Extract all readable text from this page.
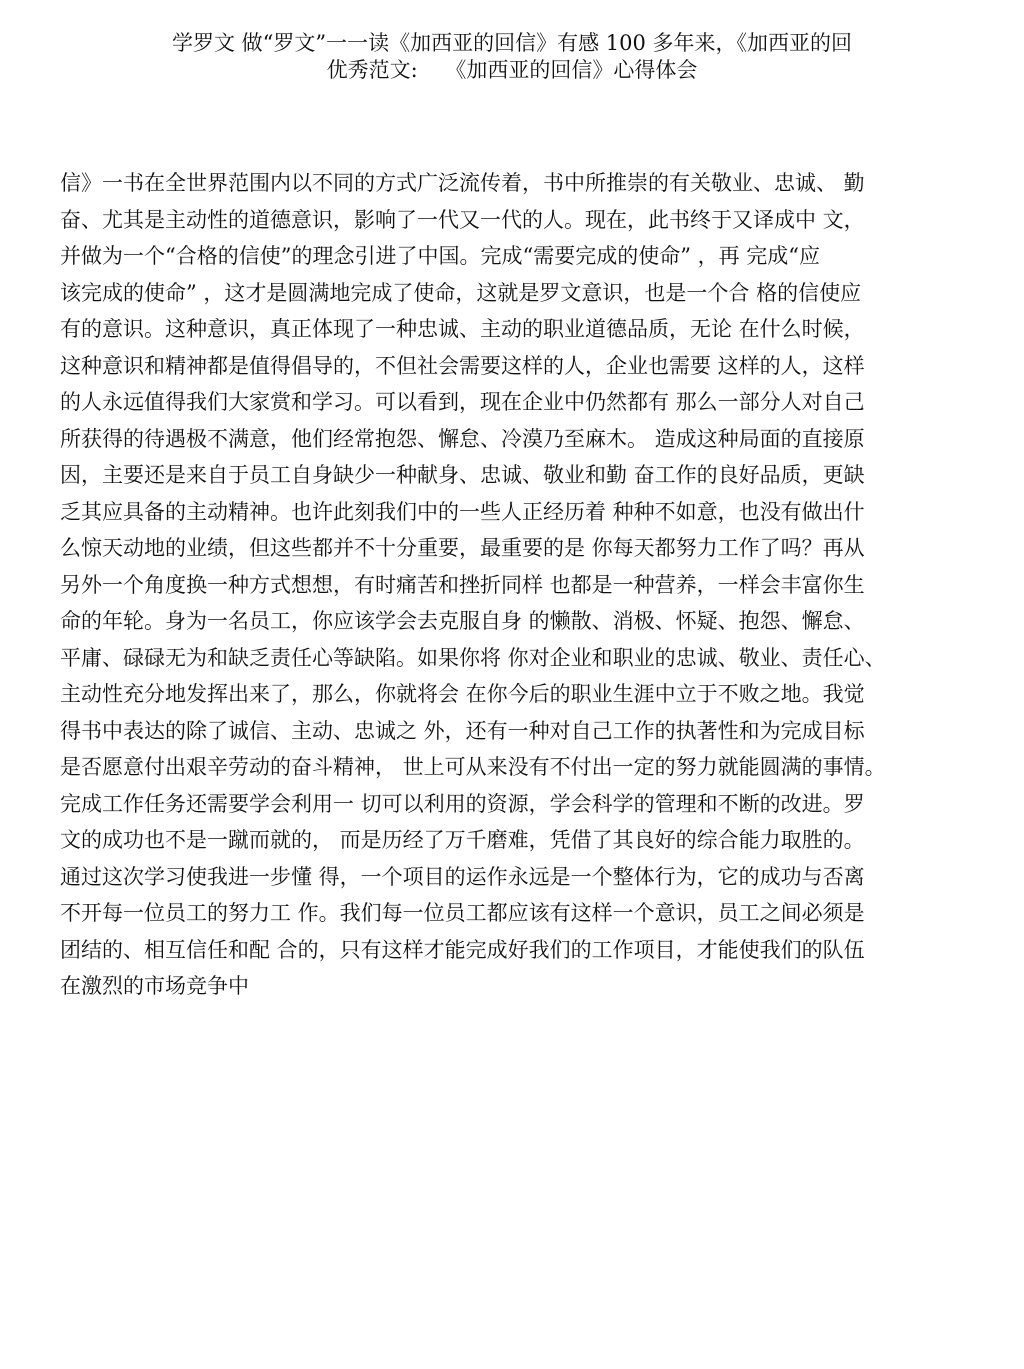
学罗文 做“罗文”一一读《加西亚的回信》有感 100 多年来，《加西亚的回
优秀范文:　 《加西亚的回信》心得体会
信》一书在全世界范围内以不同的方式广泛流传着，书中所推崇的有关敬业、忠诚、 勤
奋、尤其是主动性的道德意识，影响了一代又一代的人。现在，此书终于又译成中 文，
并做为一个“合格的信使”的理念引进了中国。完成“需要完成的使命” ，再 完成“应
该完成的使命” ，这才是圆满地完成了使命，这就是罗文意识，也是一个合 格的信使应
有的意识。这种意识，真正体现了一种忠诚、主动的职业道德品质，无论 在什么时候，
这种意识和精神都是值得倡导的，不但社会需要这样的人，企业也需要 这样的人，这样
的人永远值得我们大家赏和学习。可以看到，现在企业中仍然都有 那么一部分人对自己
所获得的待遇极不满意，他们经常抱怨、懈怠、冷漠乃至麻木。 造成这种局面的直接原
因，主要还是来自于员工自身缺少一种献身、忠诚、敬业和勤 奋工作的良好品质，更缺
乏其应具备的主动精神。也许此刻我们中的一些人正经历着 种种不如意，也没有做出什
么惊天动地的业绩，但这些都并不十分重要，最重要的是 你每天都努力工作了吗？再从
另外一个角度换一种方式想想，有时痛苦和挫折同样 也都是一种营养，一样会丰富你生
命的年轮。身为一名员工，你应该学会去克服自身 的懒散、消极、怀疑、抱怨、懈怠、
平庸、碌碌无为和缺乏责任心等缺陷。如果你将 你对企业和职业的忠诚、敬业、责任心、
主动性充分地发挥出来了，那么，你就将会 在你今后的职业生涯中立于不败之地。我觉
得书中表达的除了诚信、主动、忠诚之 外，还有一种对自己工作的执著性和为完成目标
是否愿意付出艰辛劳动的奋斗精神， 世上可从来没有不付出一定的努力就能圆满的事情。
完成工作任务还需要学会利用一 切可以利用的资源，学会科学的管理和不断的改进。罗
文的成功也不是一蹴而就的， 而是历经了万千磨难，凭借了其良好的综合能力取胜的。
通过这次学习使我进一步懂 得，一个项目的运作永远是一个整体行为，它的成功与否离
不开每一位员工的努力工 作。我们每一位员工都应该有这样一个意识，员工之间必须是
团结的、相互信任和配 合的，只有这样才能完成好我们的工作项目，才能使我们的队伍
在激烈的市场竞争中
